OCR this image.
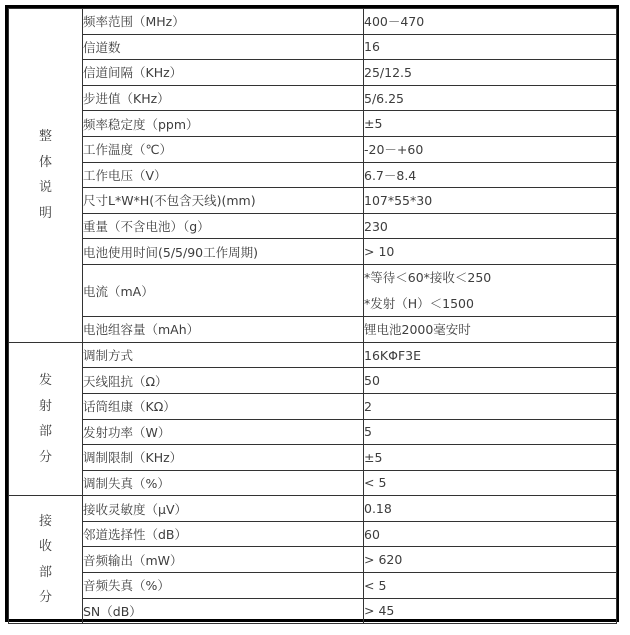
整
体
说
明	频率范围（MHz）	400－470
	信道数	16
	信道间隔（KHz）	25/12.5
	步进值（KHz）	5/6.25
	频率稳定度（ppm）	±5
	工作温度（℃）	-20－+60
	工作电压（V）	6.7－8.4
	尺寸L*W*H(不包含天线)(mm)	107*55*30
	重量（不含电池）（g）	230
	电池使用时间(5/5/90工作周期)	> 10
	电流（mA）	*等待＜60*接收＜250
*发射（H）＜1500

	电池组容量（mAh）	锂电池2000毫安时

发
射
部
分	调制方式	16KΦF3E
	天线阻抗（Ω）	50
	话筒组康（KΩ）	2
	发射功率（W）	5
	调制限制（KHz）	±5
	调制失真（%）	< 5

接
收
部
分	接收灵敏度（μV）	0.18
	邻道选择性（dB）	60
	音频输出（mW）	> 620
	音频失真（%）	< 5
	SN（dB）	> 45
